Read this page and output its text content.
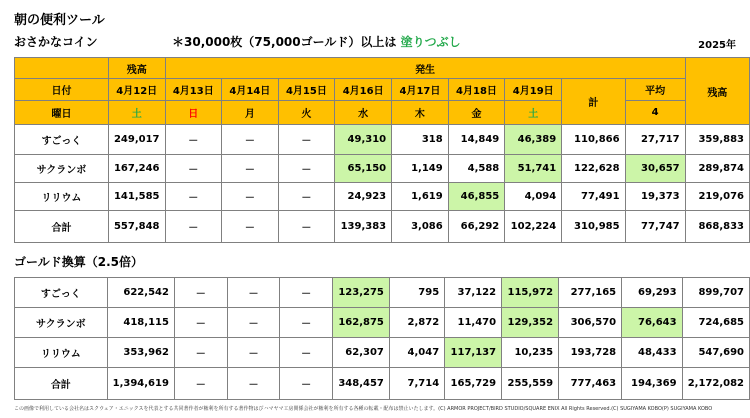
朝の便利ツール
おさかなコイン	＊30,000枚（75,000ゴールド）以上は 塗りつぶし	2025年
	残高	発生									残高
日付	4月12日	4月13日	4月14日	4月15日	4月16日	4月17日	4月18日	4月19日	計	平均	
曜日	土	日	月	火	水	木	金	土		4	
すごっく	249,017	－	－	－	49,310	318	14,849	46,389	110,866	27,717	359,883
サクランボ	167,246	－	－	－	65,150	1,149	4,588	51,741	122,628	30,657	289,874
リリウム	141,585	－	－	－	24,923	1,619	46,855	4,094	77,491	19,373	219,076
合計	557,848	－	－	－	139,383	3,086	66,292	102,224	310,985	77,747	868,833
ゴールド換算（2.5倍）
すごっく	622,542	－	－	－	123,275	795	37,122	115,972	277,165	69,293	899,707
サクランボ	418,115	－	－	－	162,875	2,872	11,470	129,352	306,570	76,643	724,685
リリウム	353,962	－	－	－	62,307	4,047	117,137	10,235	193,728	48,433	547,690
合計	1,394,619	－	－	－	348,457	7,714	165,729	255,559	777,463	194,369	2,172,082
この画像で利用している会社名はスクウェア・エニックスを代表とする共同著作者が権利を所有する著作物はびハマヤマ工房関係会社が権利を所有する各種の転載・配布は禁止いたします。(C) ARMOR PROJECT/BIRD STUDIO/SQUARE ENIX All Rights Reserved.(C) SUGIYAMA KOBO(P) SUGIYAMA KOBO
